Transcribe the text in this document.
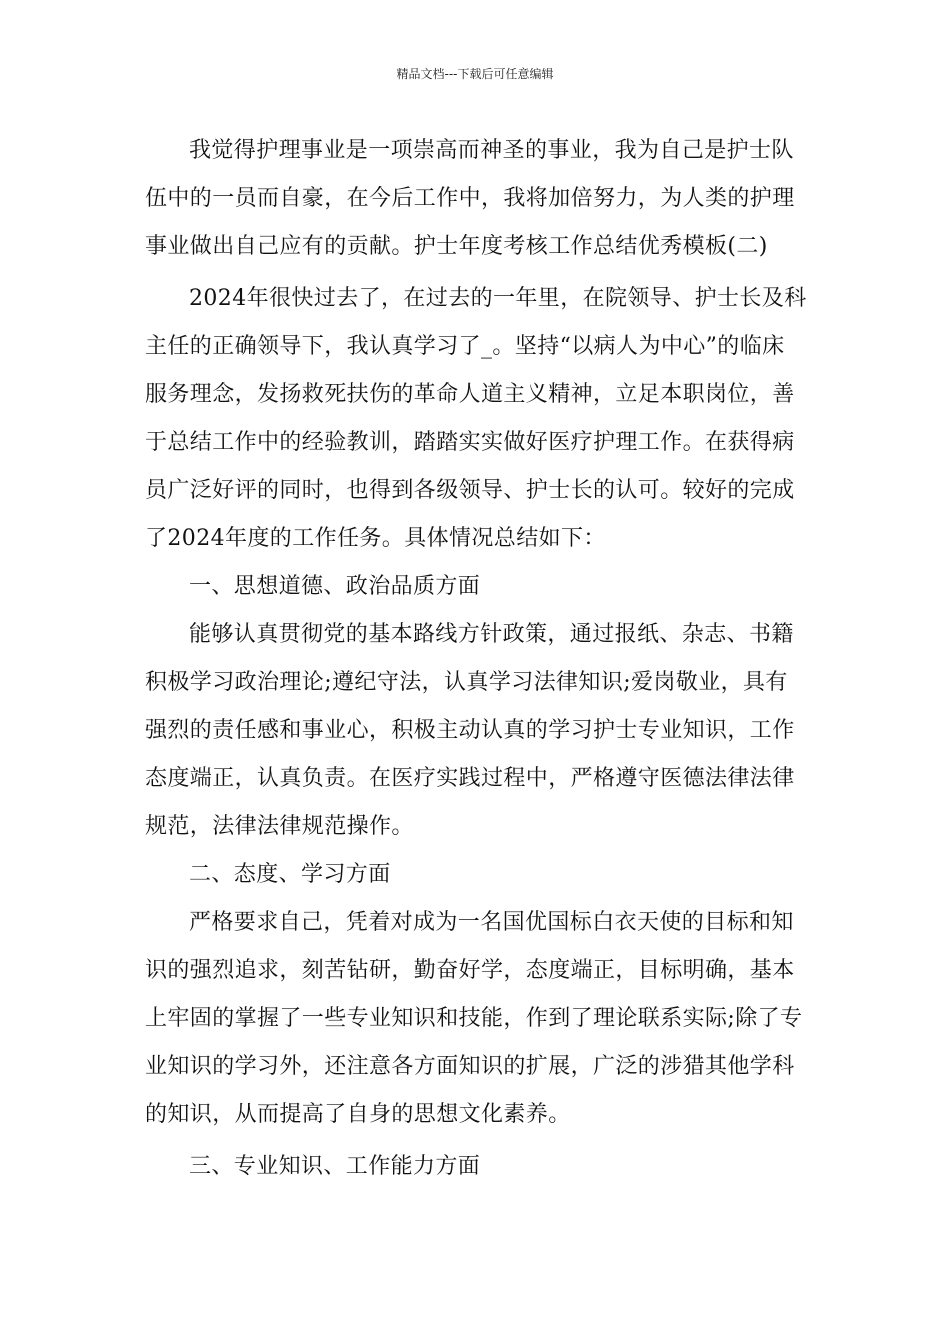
精品文档---下载后可任意编辑
我觉得护理事业是一项崇高而神圣的事业，我为自己是护士队
伍中的一员而自豪，在今后工作中，我将加倍努力，为人类的护理
事业做出自己应有的贡献。护士年度考核工作总结优秀模板(二)
2024年很快过去了，在过去的一年里，在院领导、护士长及科
主任的正确领导下，我认真学习了_。坚持“以病人为中心”的临床
服务理念，发扬救死扶伤的革命人道主义精神，立足本职岗位，善
于总结工作中的经验教训，踏踏实实做好医疗护理工作。在获得病
员广泛好评的同时，也得到各级领导、护士长的认可。较好的完成
了2024年度的工作任务。具体情况总结如下：
一、思想道德、政治品质方面
能够认真贯彻党的基本路线方针政策，通过报纸、杂志、书籍
积极学习政治理论;遵纪守法，认真学习法律知识;爱岗敬业，具有
强烈的责任感和事业心，积极主动认真的学习护士专业知识，工作
态度端正，认真负责。在医疗实践过程中，严格遵守医德法律法律
规范，法律法律规范操作。
二、态度、学习方面
严格要求自己，凭着对成为一名国优国标白衣天使的目标和知
识的强烈追求，刻苦钻研，勤奋好学，态度端正，目标明确，基本
上牢固的掌握了一些专业知识和技能，作到了理论联系实际;除了专
业知识的学习外，还注意各方面知识的扩展，广泛的涉猎其他学科
的知识，从而提高了自身的思想文化素养。
三、专业知识、工作能力方面
